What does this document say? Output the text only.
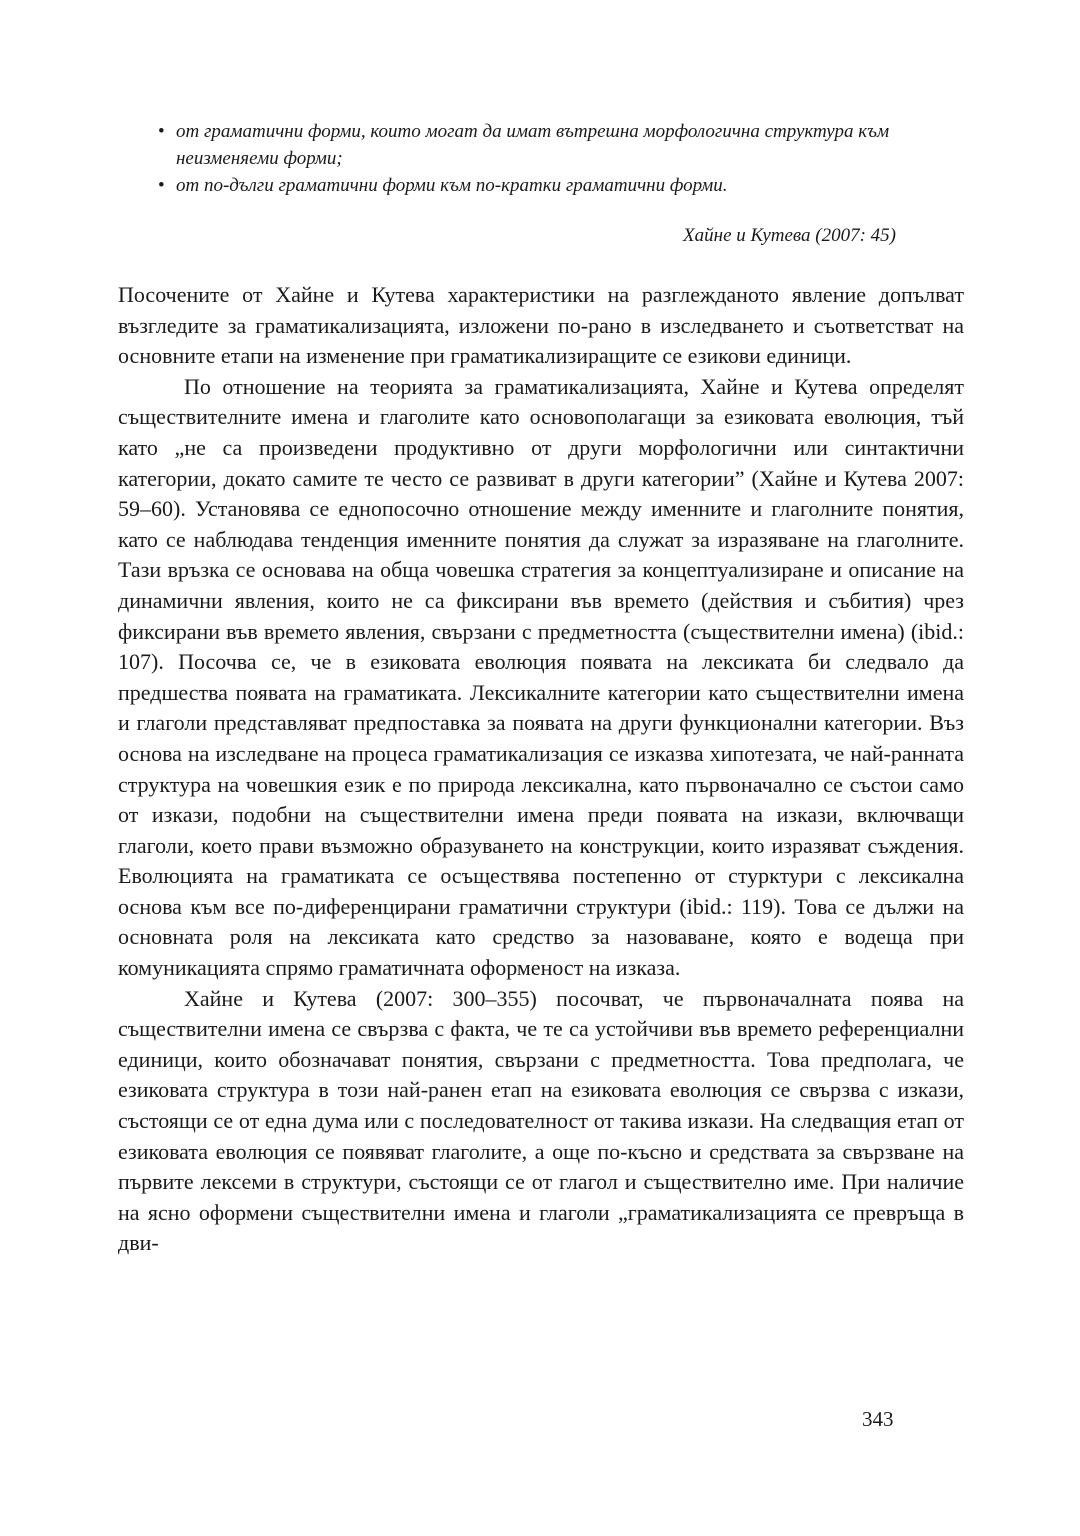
• от граматични форми, които могат да имат вътрешна морфологична структура към неизменяеми форми;
• от по-дълги граматични форми към по-кратки граматични форми.
Хайне и Кутева (2007: 45)

Посочените от Хайне и Кутева характеристики на разглежданото явление допълват възгледите за граматикализацията, изложени по-рано в изследването и съответстват на основните етапи на изменение при граматикализиращите се езикови единици.

По отношение на теорията за граматикализацията, Хайне и Кутева определят съществителните имена и глаголите като основополагащи за езиковата еволюция, тъй като „не са произведени продуктивно от други морфологични или синтактични категории, докато самите те често се развиват в други категории” (Хайне и Кутева 2007: 59–60). Установява се еднопосочно отношение между именните и глаголните понятия, като се наблюдава тенденция именните понятия да служат за изразяване на глаголните. Тази връзка се основава на обща човешка стратегия за концептуализиране и описание на динамични явления, които не са фиксирани във времето (действия и събития) чрез фиксирани във времето явления, свързани с предметността (съществителни имена) (ibid.: 107). Посочва се, че в езиковата еволюция появата на лексиката би следвало да предшества появата на граматиката. Лексикалните категории като съществителни имена и глаголи представляват предпоставка за появата на други функционални категории. Въз основа на изследване на процеса граматикализация се изказва хипотезата, че най-ранната структура на човешкия език е по природа лексикална, като първоначално се състои само от изкази, подобни на съществителни имена преди появата на изкази, включващи глаголи, което прави възможно образуването на конструкции, които изразяват съждения. Еволюцията на граматиката се осъществява постепенно от стурктури с лексикална основа към все по-диференцирани граматични структури (ibid.: 119). Това се дължи на основната роля на лексиката като средство за назоваване, която е водеща при комуникацията спрямо граматичната оформеност на изказа.

Хайне и Кутева (2007: 300–355) посочват, че първоначалната поява на съществителни имена се свързва с факта, че те са устойчиви във времето референциални единици, които обозначават понятия, свързани с предметността. Това предполага, че езиковата структура в този най-ранен етап на езиковата еволюция се свързва с изкази, състоящи се от една дума или с последователност от такива изкази. На следващия етап от езиковата еволюция се появяват глаголите, а още по-късно и средствата за свързване на първите лексеми в структури, състоящи се от глагол и съществително име. При наличие на ясно оформени съществителни имена и глаголи „граматикализацията се превръща в дви-

343
